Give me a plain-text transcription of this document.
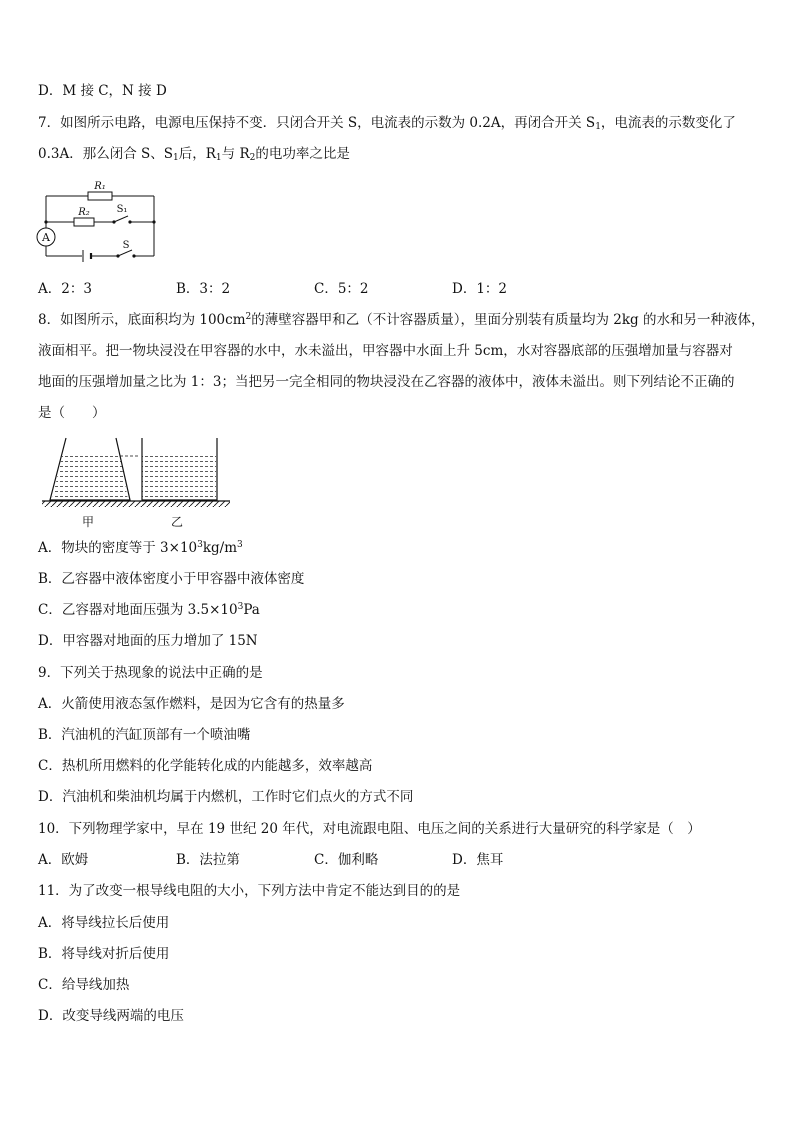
D．M 接 C，N 接 D
7．如图所示电路，电源电压保持不变．只闭合开关 S，电流表的示数为 0.2A，再闭合开关 $S_1$，电流表的示数变化了
0.3A．那么闭合 S、$S_1$后，$R_1$与 $R_2$的电功率之比是
A
R₁
R₂	S₁
S
A．2：3	B．3：2	C．5：2	D．1：2
8．如图所示，底面积均为 $100cm^2$的薄壁容器甲和乙（不计容器质量），里面分别装有质量均为 2kg 的水和另一种液体，
液面相平。把一物块浸没在甲容器的水中，水未溢出，甲容器中水面上升 5cm，水对容器底部的压强增加量与容器对
地面的压强增加量之比为 1：3；当把另一完全相同的物块浸没在乙容器的液体中，液体未溢出。则下列结论不正确的
是（　　）
甲	乙
A．物块的密度等于 $3\times 10^3kg/m^3$
B．乙容器中液体密度小于甲容器中液体密度
C．乙容器对地面压强为 $3.5\times 10^3Pa$
D．甲容器对地面的压力增加了 15N
9．下列关于热现象的说法中正确的是
A．火箭使用液态氢作燃料，是因为它含有的热量多
B．汽油机的汽缸顶部有一个喷油嘴
C．热机所用燃料的化学能转化成的内能越多，效率越高
D．汽油机和柴油机均属于内燃机，工作时它们点火的方式不同
10．下列物理学家中，早在 19 世纪 20 年代，对电流跟电阻、电压之间的关系进行大量研究的科学家是（　）
A．欧姆	B．法拉第	C．伽利略	D．焦耳
11．为了改变一根导线电阻的大小，下列方法中肯定不能达到目的的是
A．将导线拉长后使用
B．将导线对折后使用
C．给导线加热
D．改变导线两端的电压
